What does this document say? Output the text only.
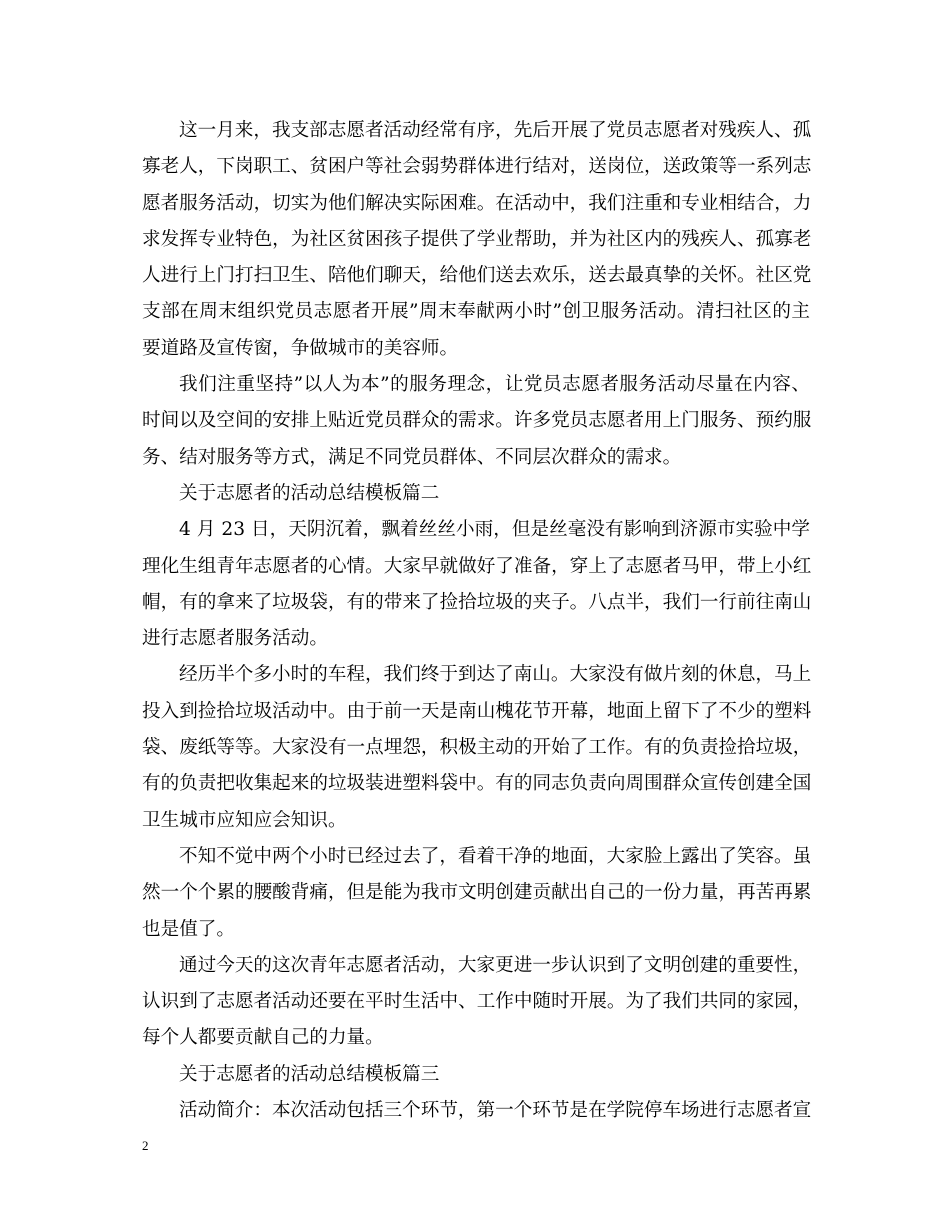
这一月来，我支部志愿者活动经常有序，先后开展了党员志愿者对残疾人、孤
寡老人，下岗职工、贫困户等社会弱势群体进行结对，送岗位，送政策等一系列志
愿者服务活动，切实为他们解决实际困难。在活动中，我们注重和专业相结合，力
求发挥专业特色，为社区贫困孩子提供了学业帮助，并为社区内的残疾人、孤寡老
人进行上门打扫卫生、陪他们聊天，给他们送去欢乐，送去最真挚的关怀。社区党
支部在周末组织党员志愿者开展”周末奉献两小时”创卫服务活动。清扫社区的主
要道路及宣传窗，争做城市的美容师。
我们注重坚持”以人为本”的服务理念，让党员志愿者服务活动尽量在内容、
时间以及空间的安排上贴近党员群众的需求。许多党员志愿者用上门服务、预约服
务、结对服务等方式，满足不同党员群体、不同层次群众的需求。
关于志愿者的活动总结模板篇二
4 月 23 日，天阴沉着，飘着丝丝小雨，但是丝毫没有影响到济源市实验中学
理化生组青年志愿者的心情。大家早就做好了准备，穿上了志愿者马甲，带上小红
帽，有的拿来了垃圾袋，有的带来了捡拾垃圾的夹子。八点半，我们一行前往南山
进行志愿者服务活动。
经历半个多小时的车程，我们终于到达了南山。大家没有做片刻的休息，马上
投入到捡拾垃圾活动中。由于前一天是南山槐花节开幕，地面上留下了不少的塑料
袋、废纸等等。大家没有一点埋怨，积极主动的开始了工作。有的负责捡拾垃圾，
有的负责把收集起来的垃圾装进塑料袋中。有的同志负责向周围群众宣传创建全国
卫生城市应知应会知识。
不知不觉中两个小时已经过去了，看着干净的地面，大家脸上露出了笑容。虽
然一个个累的腰酸背痛，但是能为我市文明创建贡献出自己的一份力量，再苦再累
也是值了。
通过今天的这次青年志愿者活动，大家更进一步认识到了文明创建的重要性，
认识到了志愿者活动还要在平时生活中、工作中随时开展。为了我们共同的家园，
每个人都要贡献自己的力量。
关于志愿者的活动总结模板篇三
活动简介：本次活动包括三个环节，第一个环节是在学院停车场进行志愿者宣
2
